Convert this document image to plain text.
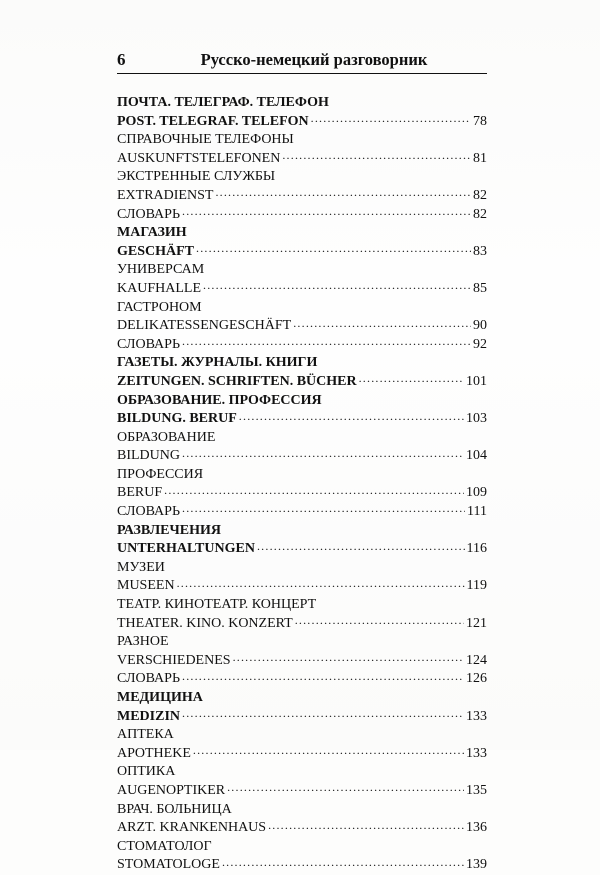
6	Русско-немецкий разговорник
ПОЧТА. ТЕЛЕГРАФ. ТЕЛЕФОН
POST. TELEGRAF. TELEFON .....	78
СПРАВОЧНЫЕ ТЕЛЕФОНЫ
AUSKUNFTSTELEFONEN .....	81
ЭКСТРЕННЫЕ СЛУЖБЫ
EXTRADIENST .....	82
СЛОВАРЬ .....	82
МАГАЗИН
GESCHÄFT .....	83
УНИВЕРСАМ
KAUFHALLE .....	85
ГАСТРОНОМ
DELIKATESSENGESCHÄFT .....	90
СЛОВАРЬ .....	92
ГАЗЕТЫ. ЖУРНАЛЫ. КНИГИ
ZEITUNGEN. SCHRIFTEN. BÜCHER .....	101
ОБРАЗОВАНИЕ. ПРОФЕССИЯ
BILDUNG. BERUF .....	103
ОБРАЗОВАНИЕ
BILDUNG .....	104
ПРОФЕССИЯ
BERUF .....	109
СЛОВАРЬ .....	111
РАЗВЛЕЧЕНИЯ
UNTERHALTUNGEN .....	116
МУЗЕИ
MUSEEN .....	119
ТЕАТР. КИНОТЕАТР. КОНЦЕРТ
THEATER. KINO. KONZERT .....	121
РАЗНОЕ
VERSCHIEDENES .....	124
СЛОВАРЬ .....	126
МЕДИЦИНА
MEDIZIN .....	133
АПТЕКА
APOTHEKE .....	133
ОПТИКА
AUGENOPTIKER .....	135
ВРАЧ. БОЛЬНИЦА
ARZT. KRANKENHAUS .....	136
СТОМАТОЛОГ
STOMATOLOGE .....	139
